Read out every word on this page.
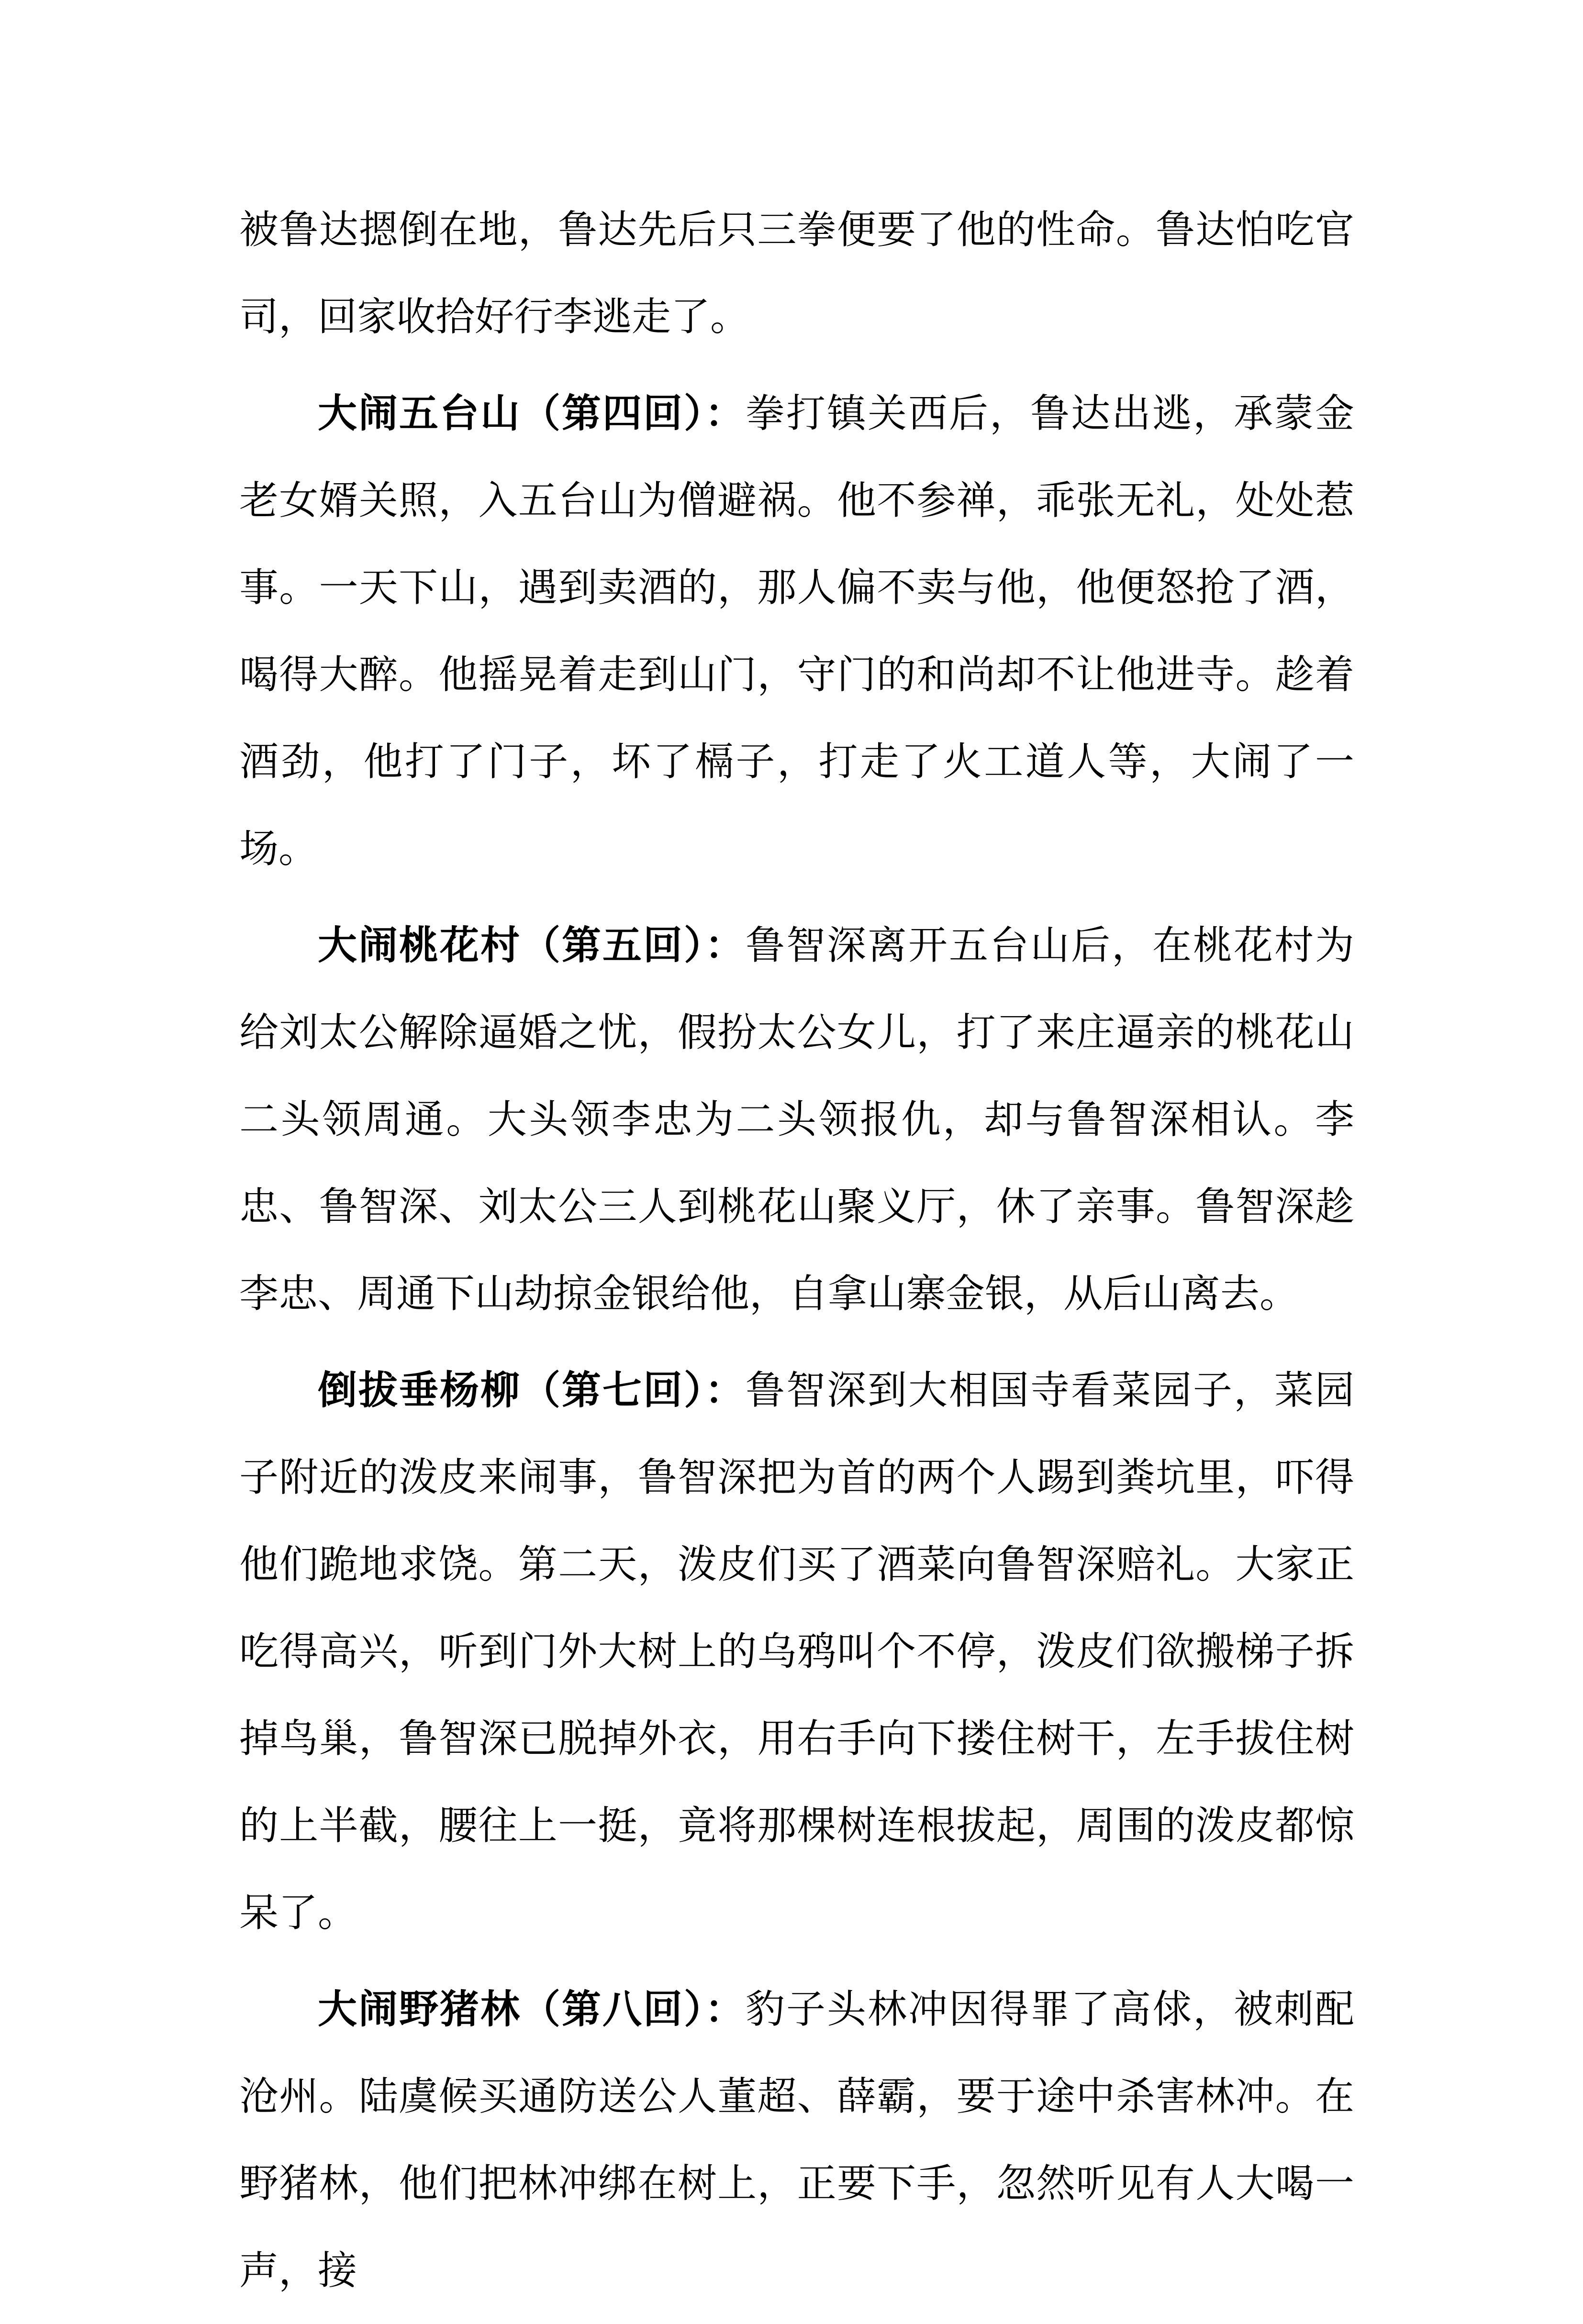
被鲁达摁倒在地，鲁达先后只三拳便要了他的性命。鲁达怕吃官司，回家收拾好行李逃走了。

大闹五台山（第四回）：拳打镇关西后，鲁达出逃，承蒙金老女婿关照，入五台山为僧避祸。他不参禅，乖张无礼，处处惹事。一天下山，遇到卖酒的，那人偏不卖与他，他便怒抢了酒，喝得大醉。他摇晃着走到山门，守门的和尚却不让他进寺。趁着酒劲，他打了门子，坏了槅子，打走了火工道人等，大闹了一场。

大闹桃花村（第五回）：鲁智深离开五台山后，在桃花村为给刘太公解除逼婚之忧，假扮太公女儿，打了来庄逼亲的桃花山二头领周通。大头领李忠为二头领报仇，却与鲁智深相认。李忠、鲁智深、刘太公三人到桃花山聚义厅，休了亲事。鲁智深趁李忠、周通下山劫掠金银给他，自拿山寨金银，从后山离去。

倒拔垂杨柳（第七回）：鲁智深到大相国寺看菜园子，菜园子附近的泼皮来闹事，鲁智深把为首的两个人踢到粪坑里，吓得他们跪地求饶。第二天，泼皮们买了酒菜向鲁智深赔礼。大家正吃得高兴，听到门外大树上的乌鸦叫个不停，泼皮们欲搬梯子拆掉鸟巢，鲁智深已脱掉外衣，用右手向下搂住树干，左手拔住树的上半截，腰往上一挺，竟将那棵树连根拔起，周围的泼皮都惊呆了。

大闹野猪林（第八回）：豹子头林冲因得罪了高俅，被刺配沧州。陆虞候买通防送公人董超、薛霸，要于途中杀害林冲。在野猪林，他们把林冲绑在树上，正要下手，忽然听见有人大喝一声，接
